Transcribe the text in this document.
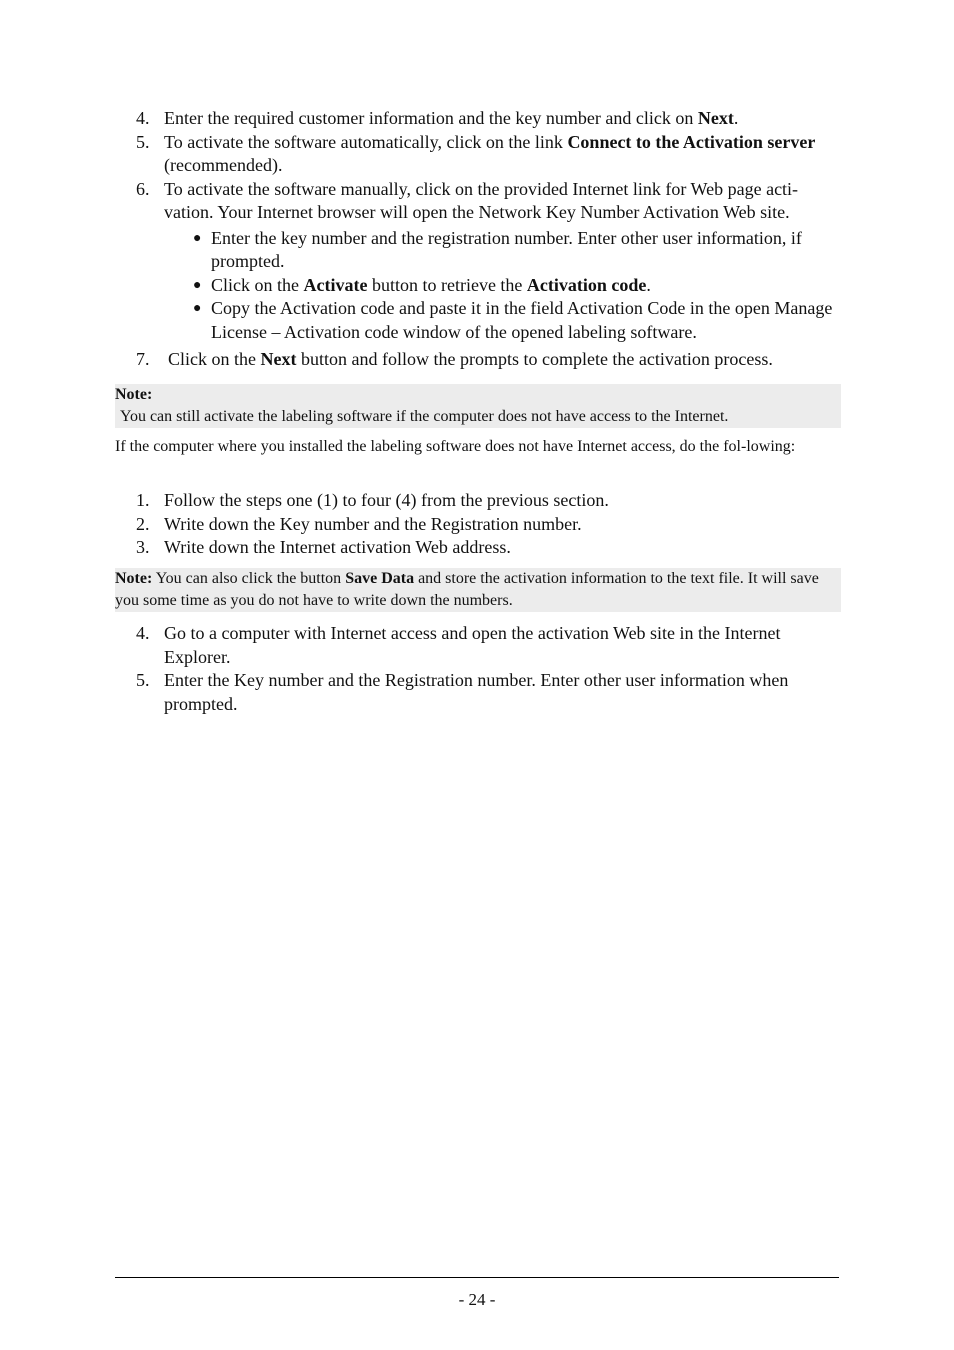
4. Enter the required customer information and the key number and click on Next.
5. To activate the software automatically, click on the link Connect to the Activation server (recommended).
6. To activate the software manually, click on the provided Internet link for Web page acti-vation. Your Internet browser will open the Network Key Number Activation Web site.
● Enter the key number and the registration number. Enter other user information, if prompted.
● Click on the Activate button to retrieve the Activation code.
● Copy the Activation code and paste it in the field Activation Code in the open Manage License – Activation code window of the opened labeling software.
7. Click on the Next button and follow the prompts to complete the activation process.
Note:
You can still activate the labeling software if the computer does not have access to the Internet.
If the computer where you installed the labeling software does not have Internet access, do the fol-lowing:
1. Follow the steps one (1) to four (4) from the previous section.
2. Write down the Key number and the Registration number.
3. Write down the Internet activation Web address.
Note: You can also click the button Save Data and store the activation information to the text file. It will save you some time as you do not have to write down the numbers.
4. Go to a computer with Internet access and open the activation Web site in the Internet Explorer.
5. Enter the Key number and the Registration number. Enter other user information when prompted.
- 24 -
